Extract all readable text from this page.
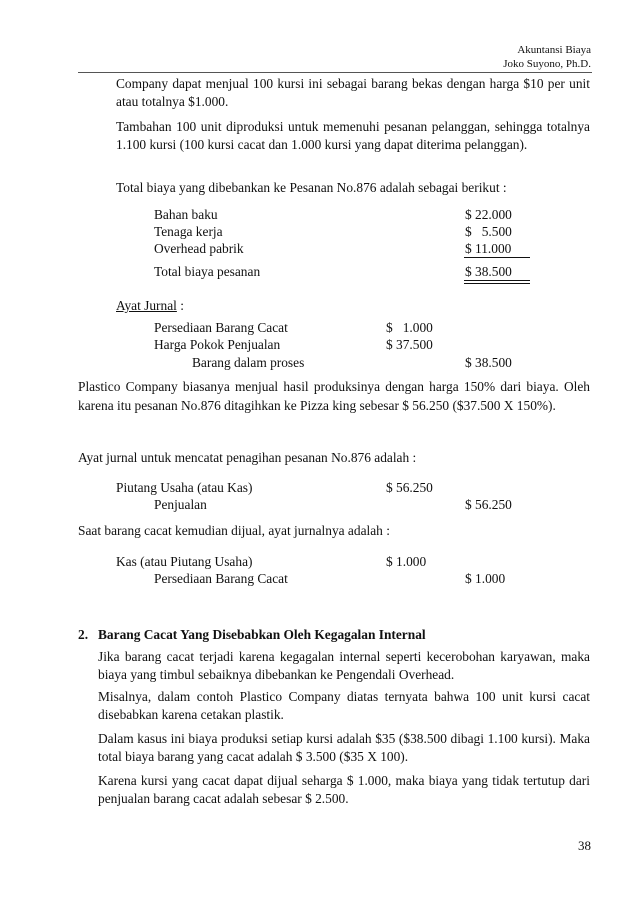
Akuntansi Biaya
Joko Suyono, Ph.D.
Company dapat menjual 100 kursi ini sebagai barang bekas dengan harga $10 per unit atau totalnya $1.000.
Tambahan 100 unit diproduksi untuk memenuhi pesanan pelanggan, sehingga totalnya 1.100 kursi (100 kursi cacat dan 1.000 kursi yang dapat diterima pelanggan).
Total biaya yang dibebankan ke Pesanan No.876 adalah sebagai berikut :
Bahan baku	$ 22.000
Tenaga kerja	$   5.500
Overhead pabrik	$ 11.000
Total biaya pesanan	$ 38.500
Ayat Jurnal :
Persediaan Barang Cacat	$   1.000
Harga Pokok Penjualan	$ 37.500
Barang dalam proses	$ 38.500
Plastico Company biasanya menjual hasil produksinya dengan harga 150% dari biaya. Oleh karena itu pesanan No.876 ditagihkan ke Pizza king sebesar $ 56.250 ($37.500 X 150%).
Ayat jurnal untuk mencatat penagihan pesanan No.876 adalah :
Piutang Usaha (atau Kas)	$ 56.250
Penjualan	$ 56.250
Saat barang cacat kemudian dijual, ayat jurnalnya adalah :
Kas (atau Piutang Usaha)	$ 1.000
Persediaan Barang Cacat	$ 1.000
2. Barang Cacat Yang Disebabkan Oleh Kegagalan Internal
Jika barang cacat terjadi karena kegagalan internal seperti kecerobohan karyawan, maka biaya yang timbul sebaiknya dibebankan ke Pengendali Overhead.
Misalnya, dalam contoh Plastico Company diatas ternyata bahwa 100 unit kursi cacat disebabkan karena cetakan plastik.
Dalam kasus ini biaya produksi setiap kursi adalah $35 ($38.500 dibagi 1.100 kursi). Maka total biaya barang yang cacat adalah $ 3.500 ($35 X 100).
Karena kursi yang cacat dapat dijual seharga $ 1.000, maka biaya yang tidak tertutup dari penjualan barang cacat adalah sebesar $ 2.500.
38
